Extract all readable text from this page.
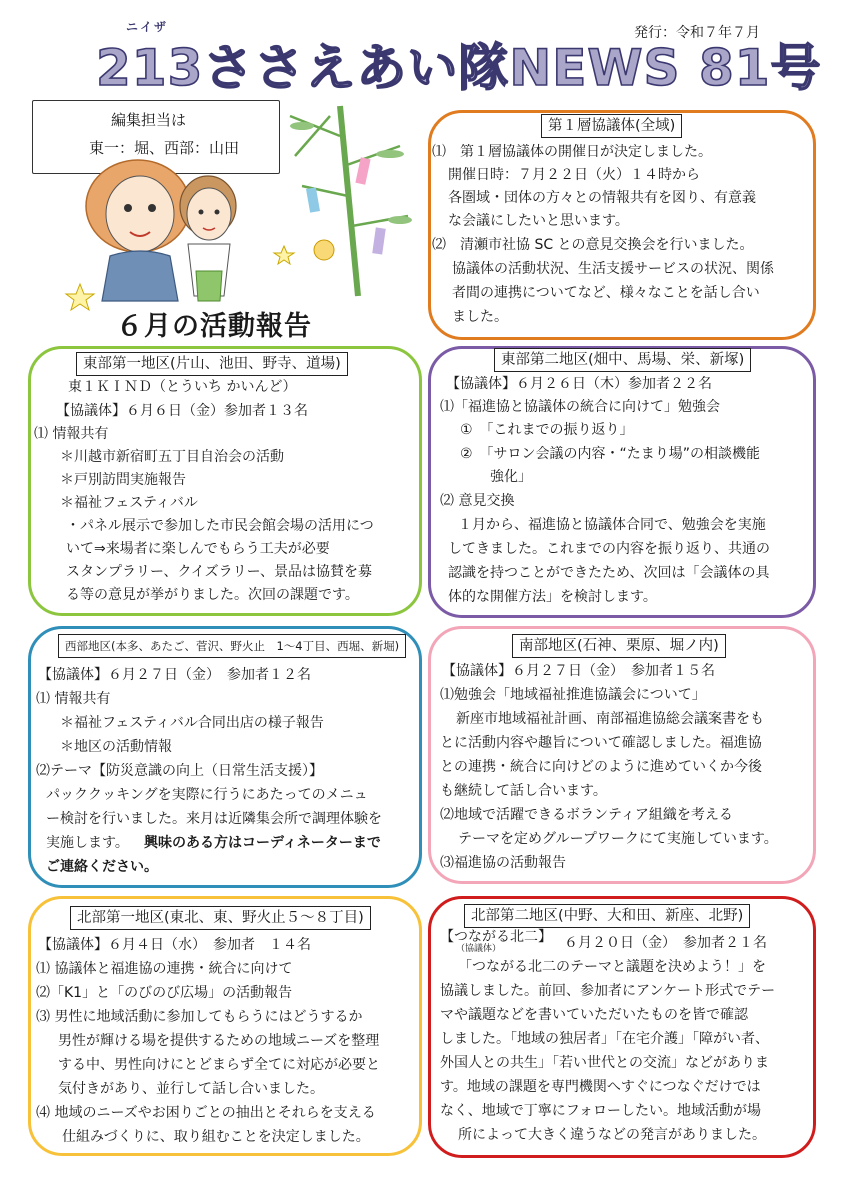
発行：令和７年７月
ニイザ
213ささえあい隊NEWS 81号
編集担当は
東一：堀、西部：山田
６月の活動報告
第１層協議体(全域)
⑴　第１層協議体の開催日が決定しました。
開催日時：７月２２日（火）１４時から
各圏域・団体の方々との情報共有を図り、有意義
な会議にしたいと思います。
⑵　清瀬市社協 SC との意見交換会を行いました。
協議体の活動状況、生活支援サービスの状況、関係
者間の連携についてなど、様々なことを話し合い
ました。
東部第一地区(片山、池田、野寺、道場)
東１ＫＩＮＤ（とういち かいんど）
【協議体】６月６日（金）参加者１３名
⑴ 情報共有
＊川越市新宿町五丁目自治会の活動
＊戸別訪問実施報告
＊福祉フェスティバル
・パネル展示で参加した市民会館会場の活用につ
いて⇒来場者に楽しんでもらう工夫が必要
スタンプラリー、クイズラリー、景品は協賛を募
る等の意見が挙がりました。次回の課題です。
東部第二地区(畑中、馬場、栄、新塚)
【協議体】６月２６日（木）参加者２２名
⑴「福進協と協議体の統合に向けて」勉強会
①　「これまでの振り返り」
②　「サロン会議の内容・“たまり場”の相談機能
強化」
⑵ 意見交換
１月から、福進協と協議体合同で、勉強会を実施
してきました。これまでの内容を振り返り、共通の
認識を持つことができたため、次回は「会議体の具
体的な開催方法」を検討します。
西部地区(本多、あたご、菅沢、野火止　1～4丁目、西堀、新堀)
【協議体】６月２７日（金）　参加者１２名
⑴ 情報共有
＊福祉フェスティバル合同出店の様子報告
＊地区の活動情報
⑵テーマ【防災意識の向上（日常生活支援）】
パッククッキングを実際に行うにあたってのメニュ
ー検討を行いました。来月は近隣集会所で調理体験を
実施します。 興味のある方はコーディネーターまで
ご連絡ください。
南部地区(石神、栗原、堀ノ内)
【協議体】６月２７日（金）　参加者１５名
⑴勉強会「地域福祉推進協議会について」
新座市地域福祉計画、南部福進協総会議案書をも
とに活動内容や趣旨について確認しました。福進協
との連携・統合に向けどのように進めていくか今後
も継続して話し合います。
⑵地域で活躍できるボランティア組織を考える
テーマを定めグループワークにて実施しています。
⑶福進協の活動報告
北部第一地区(東北、東、野火止５～８丁目)
【協議体】６月４日（水）　参加者　１４名
⑴ 協議体と福進協の連携・統合に向けて
⑵「K1」と「のびのび広場」の活動報告
⑶ 男性に地域活動に参加してもらうにはどうするか
男性が輝ける場を提供するための地域ニーズを整理
する中、男性向けにとどまらず全てに対応が必要と
気付きがあり、並行して話し合いました。
⑷ 地域のニーズやお困りごとの抽出とそれらを支える
仕組みづくりに、取り組むことを決定しました。
北部第二地区(中野、大和田、新座、北野)
【つながる北二】
（協議体）	６月２０日（金）　参加者２１名
「つながる北二のテーマと議題を決めよう！」を
協議しました。前回、参加者にアンケート形式でテー
マや議題などを書いていただいたものを皆で確認
しました。「地域の独居者」「在宅介護」「障がい者、
外国人との共生」「若い世代との交流」などがありま
す。地域の課題を専門機関へすぐにつなぐだけでは
なく、地域で丁寧にフォローしたい。地域活動が場
所によって大きく違うなどの発言がありました。
